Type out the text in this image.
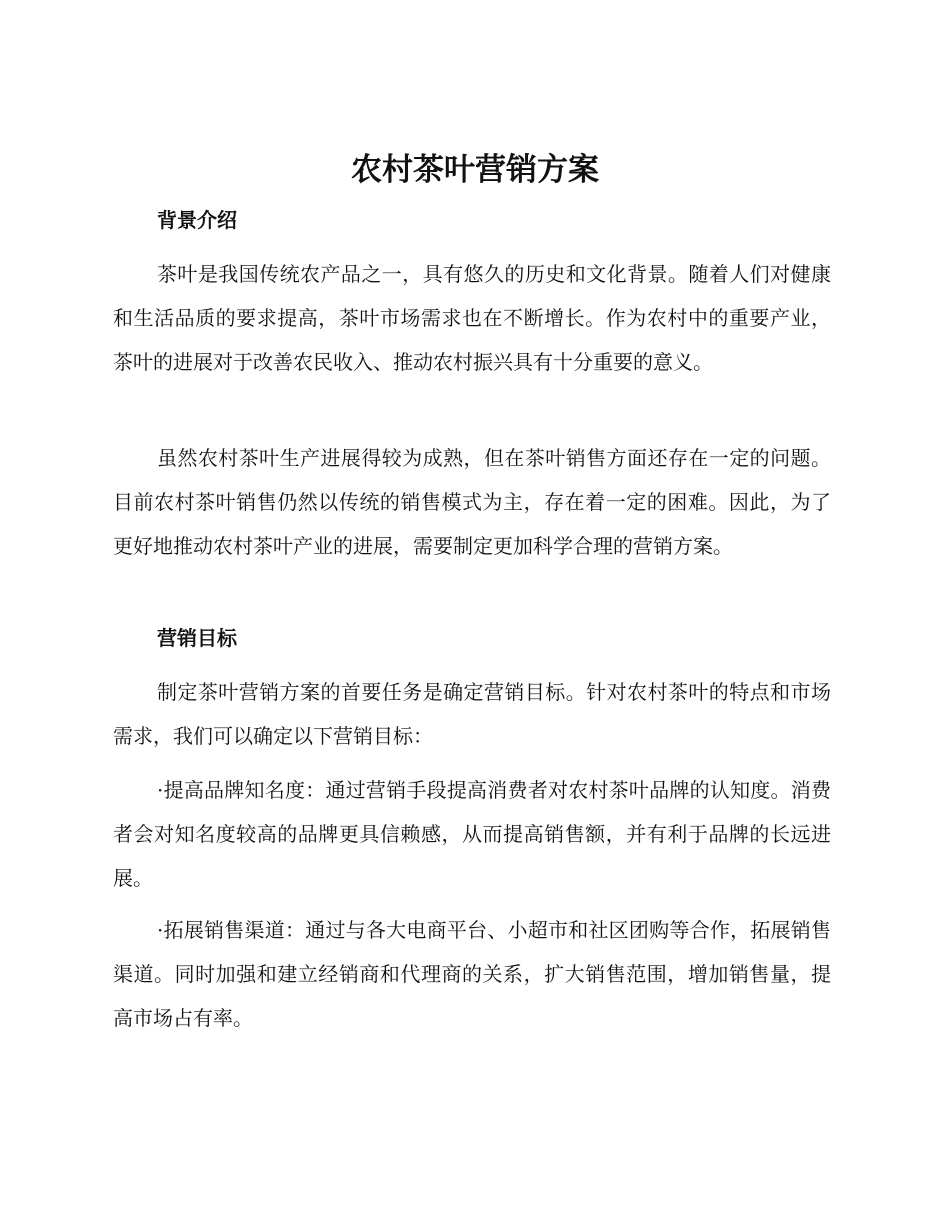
农村茶叶营销方案
背景介绍

茶叶是我国传统农产品之一，具有悠久的历史和文化背景。随着人们对健康和生活品质的要求提高，茶叶市场需求也在不断增长。作为农村中的重要产业，茶叶的进展对于改善农民收入、推动农村振兴具有十分重要的意义。

虽然农村茶叶生产进展得较为成熟，但在茶叶销售方面还存在一定的问题。目前农村茶叶销售仍然以传统的销售模式为主，存在着一定的困难。因此，为了更好地推动农村茶叶产业的进展，需要制定更加科学合理的营销方案。

营销目标

制定茶叶营销方案的首要任务是确定营销目标。针对农村茶叶的特点和市场需求，我们可以确定以下营销目标：

·提高品牌知名度：通过营销手段提高消费者对农村茶叶品牌的认知度。消费者会对知名度较高的品牌更具信赖感，从而提高销售额，并有利于品牌的长远进展。

·拓展销售渠道：通过与各大电商平台、小超市和社区团购等合作，拓展销售渠道。同时加强和建立经销商和代理商的关系，扩大销售范围，增加销售量，提高市场占有率。
